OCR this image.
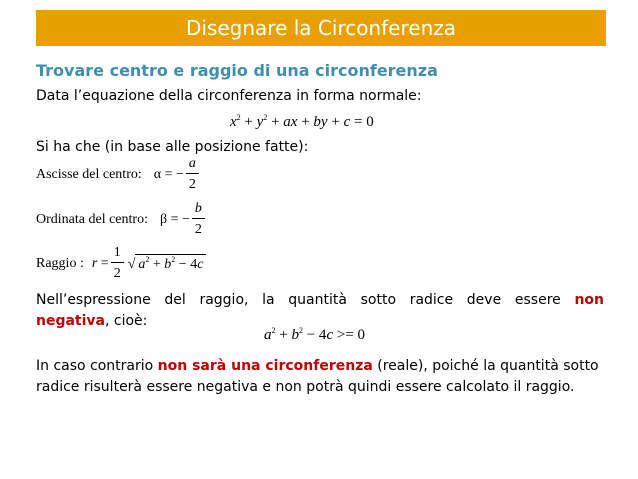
Disegnare la Circonferenza
Trovare centro e raggio di una circonferenza
Data l’equazione della circonferenza in forma normale:
$x^2 + y^2$ + ax + by + c = 0
Si ha che (in base alle posizione fatte):
Ascisse del centro: α = − $\frac{a}{2}$
Ordinata del centro: β = − $\frac{b}{2}$
Raggio : $r = \frac{1}{2}$ √ $a^2 + b^2 - 4c$
Nell’espressione del raggio, la quantità sotto radice deve essere non
negativa, cioè:
$a^2 + b^2 - 4c >= 0$
In caso contrario non sarà una circonferenza (reale), poiché la quantità sotto
radice risulterà essere negativa e non potrà quindi essere calcolato il raggio.
